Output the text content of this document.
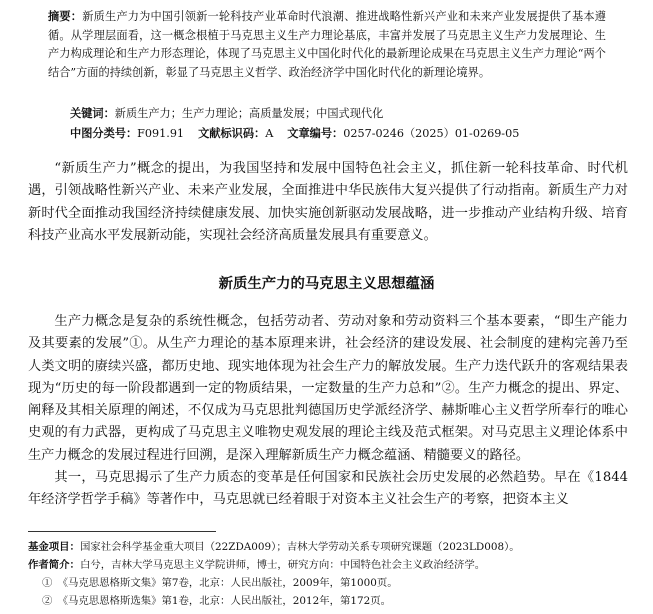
摘要：新质生产力为中国引领新一轮科技产业革命时代浪潮、推进战略性新兴产业和未来产业发展提供了基本遵循。从学理层面看，这一概念根植于马克思主义生产力理论基底，丰富并发展了马克思主义生产力发展理论、生产力构成理论和生产力形态理论，体现了马克思主义中国化时代化的最新理论成果在马克思主义生产力理论“两个结合”方面的持续创新，彰显了马克思主义哲学、政治经济学中国化时代化的新理论境界。
关键词：新质生产力；生产力理论；高质量发展；中国式现代化
中图分类号：F091.91 文献标识码：A 文章编号：0257-0246（2025）01-0269-05

“新质生产力”概念的提出，为我国坚持和发展中国特色社会主义，抓住新一轮科技革命、时代机遇，引领战略性新兴产业、未来产业发展，全面推进中华民族伟大复兴提供了行动指南。新质生产力对新时代全面推动我国经济持续健康发展、加快实施创新驱动发展战略，进一步推动产业结构升级、培育科技产业高水平发展新动能，实现社会经济高质量发展具有重要意义。

新质生产力的马克思主义思想蕴涵

生产力概念是复杂的系统性概念，包括劳动者、劳动对象和劳动资料三个基本要素，“即生产能力及其要素的发展”①。从生产力理论的基本原理来讲，社会经济的建设发展、社会制度的建构完善乃至人类文明的赓续兴盛，都历史地、现实地体现为社会生产力的解放发展。生产力迭代跃升的客观结果表现为“历史的每一阶段都遇到一定的物质结果，一定数量的生产力总和”②。生产力概念的提出、界定、阐释及其相关原理的阐述，不仅成为马克思批判德国历史学派经济学、赫斯唯心主义哲学所奉行的唯心史观的有力武器，更构成了马克思主义唯物史观发展的理论主线及范式框架。对马克思主义理论体系中生产力概念的发展过程进行回溯，是深入理解新质生产力概念蕴涵、精髓要义的路径。

其一，马克思揭示了生产力质态的变革是任何国家和民族社会历史发展的必然趋势。早在《1844年经济学哲学手稿》等著作中，马克思就已经着眼于对资本主义社会生产的考察，把资本主义

基金项目：国家社会科学基金重大项目（22ZDA009）；吉林大学劳动关系专项研究课题（2023LD008）。
作者简介：白兮，吉林大学马克思主义学院讲师，博士，研究方向：中国特色社会主义政治经济学。
①　《马克思恩格斯文集》第7卷，北京：人民出版社，2009年，第1000页。
②　《马克思恩格斯选集》第1卷，北京：人民出版社，2012年，第172页。
